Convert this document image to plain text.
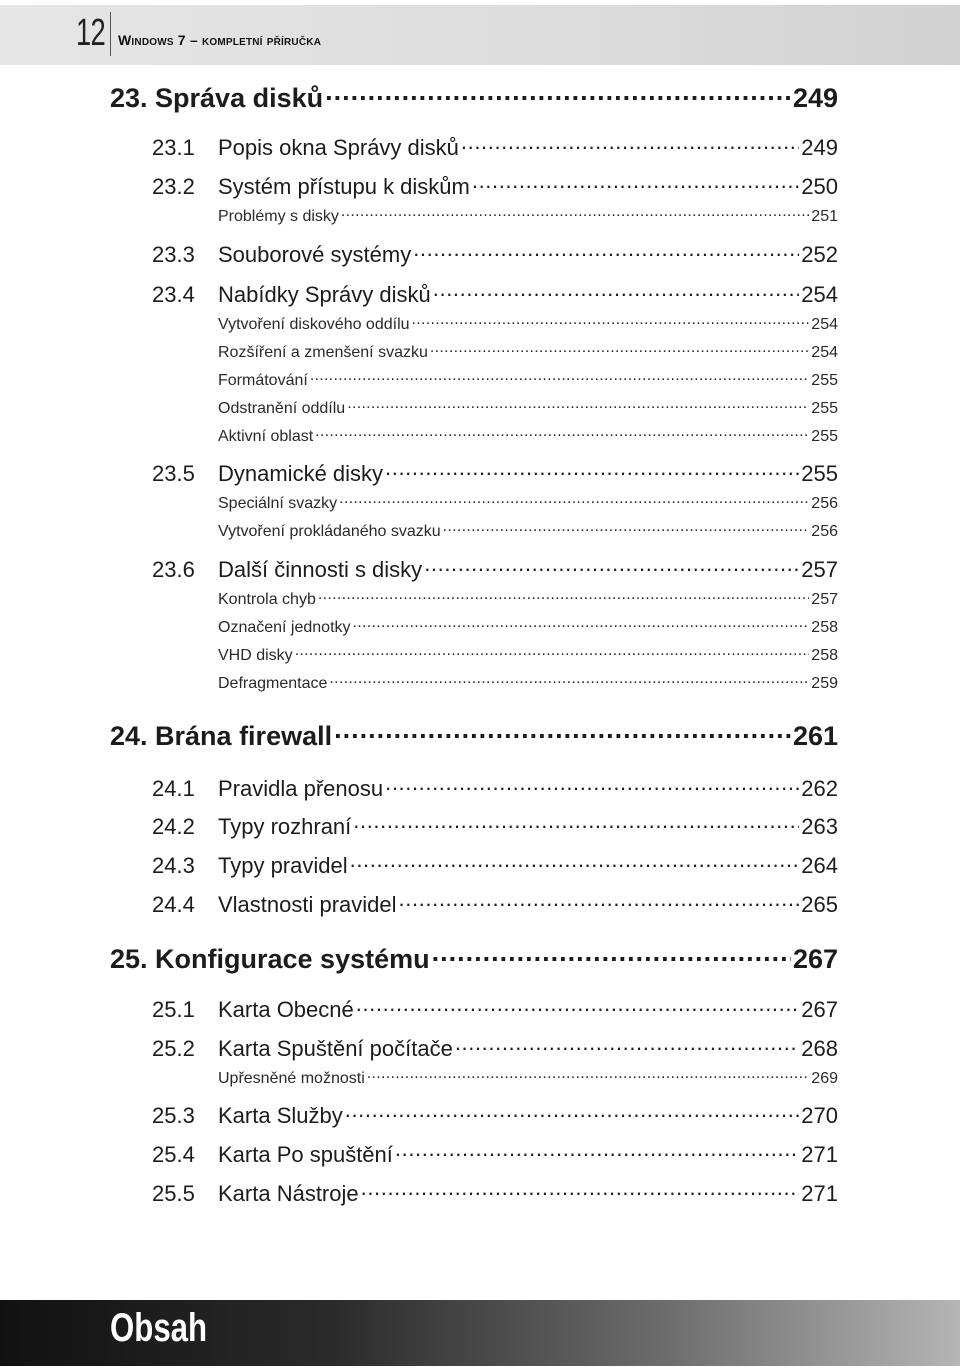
12 Windows 7 – kompletní příručka
23. Správa disků .....	249
23.1	Popis okna Správy disků .....	249
23.2	Systém přístupu k diskům .....	250
Problémy s disky .....	251
23.3	Souborové systémy .....	252
23.4	Nabídky Správy disků .....	254
Vytvoření diskového oddílu .....	254
Rozšíření a zmenšení svazku .....	254
Formátování .....	255
Odstranění oddílu .....	255
Aktivní oblast .....	255
23.5	Dynamické disky .....	255
Speciální svazky .....	256
Vytvoření prokládaného svazku .....	256
23.6	Další činnosti s disky .....	257
Kontrola chyb .....	257
Označení jednotky .....	258
VHD disky .....	258
Defragmentace .....	259
24. Brána firewall .....	261
24.1	Pravidla přenosu .....	262
24.2	Typy rozhraní .....	263
24.3	Typy pravidel .....	264
24.4	Vlastnosti pravidel .....	265
25. Konfigurace systému .....	267
25.1	Karta Obecné .....	267
25.2	Karta Spuštění počítače .....	268
Upřesněné možnosti .....	269
25.3	Karta Služby .....	270
25.4	Karta Po spuštění .....	271
25.5	Karta Nástroje .....	271
Obsah
